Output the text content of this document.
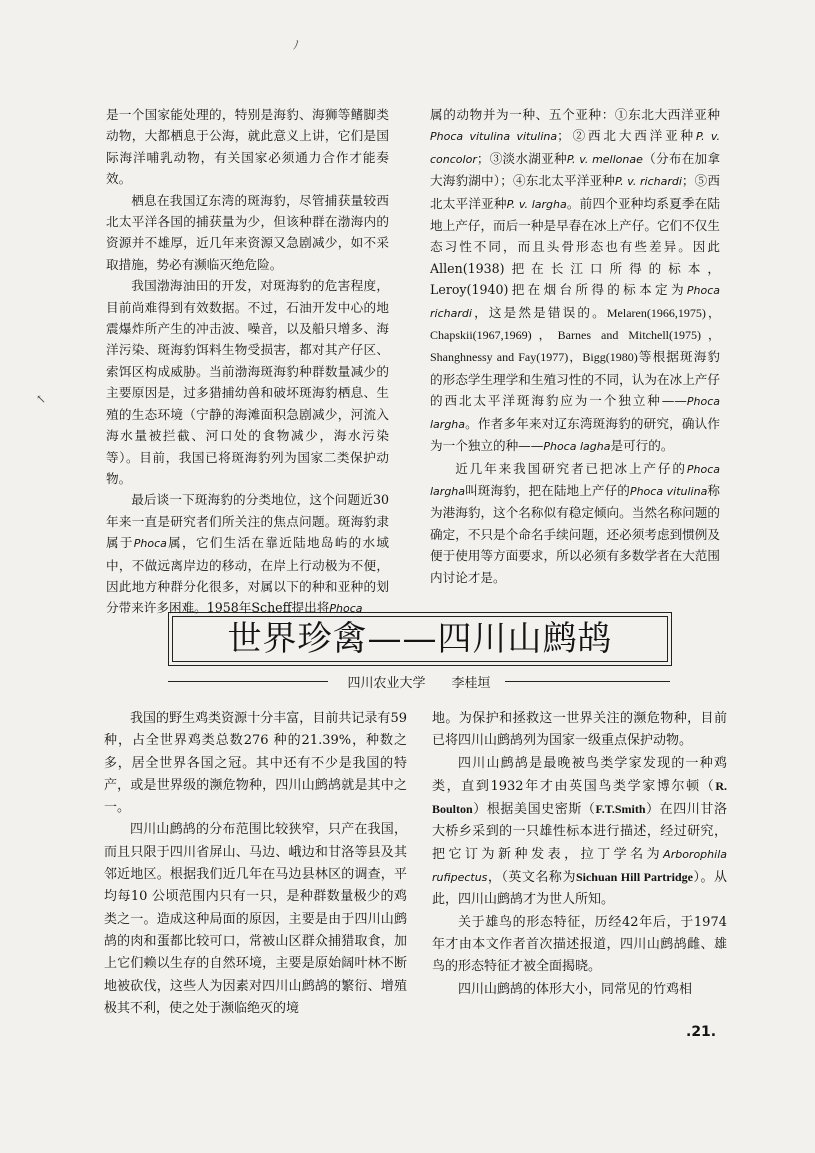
ﾉ
↖

是一个国家能处理的，特别是海豹、海狮等鳍脚类动物，大都栖息于公海，就此意义上讲，它们是国际海洋哺乳动物，有关国家必须通力合作才能奏效。

栖息在我国辽东湾的斑海豹，尽管捕获量较西北太平洋各国的捕获量为少，但该种群在渤海内的资源并不雄厚，近几年来资源又急剧减少，如不采取措施，势必有濒临灭绝危险。

我国渤海油田的开发，对斑海豹的危害程度，目前尚难得到有效数据。不过，石油开发中心的地震爆炸所产生的冲击波、噪音，以及船只增多、海洋污染、斑海豹饵料生物受损害，都对其产仔区、索饵区构成威胁。当前渤海斑海豹种群数量减少的主要原因是，过多猎捕幼兽和破坏斑海豹栖息、生殖的生态环境（宁静的海滩面积急剧减少，河流入海水量被拦截、河口处的食物减少，海水污染等）。目前，我国已将斑海豹列为国家二类保护动物。

最后谈一下斑海豹的分类地位，这个问题近30年来一直是研究者们所关注的焦点问题。斑海豹隶属于Phoca属，它们生活在靠近陆地岛屿的水域中，不做远离岸边的移动，在岸上行动极为不便，因此地方种群分化很多，对属以下的种和亚种的划分带来许多困难。1958年Scheff提出将Phoca

属的动物并为一种、五个亚种：①东北大西洋亚种Phoca vitulina vitulina；②西北大西洋亚种P. v. concolor；③淡水湖亚种P. v. mellonae（分布在加拿大海豹湖中）；④东北太平洋亚种P. v. richardi；⑤西北太平洋亚种P. v. largha。前四个亚种均系夏季在陆地上产仔，而后一种是早春在冰上产仔。它们不仅生态习性不同，而且头骨形态也有些差异。因此Allen(1938)把在长江口所得的标本，Leroy(1940)把在烟台所得的标本定为Phoca richardi，这是然是错误的。Melaren(1966,1975)，Chapskii(1967,1969)，Barnes and Mitchell(1975)，Shanghnessy and Fay(1977)，Bigg(1980)等根据斑海豹的形态学生理学和生殖习性的不同，认为在冰上产仔的西北太平洋斑海豹应为一个独立种——Phoca largha。作者多年来对辽东湾斑海豹的研究，确认作为一个独立的种——Phoca lagha是可行的。

近几年来我国研究者已把冰上产仔的Phoca largha叫斑海豹，把在陆地上产仔的Phoca vitulina称为港海豹，这个名称似有稳定倾向。当然名称问题的确定，不只是个命名手续问题，还必须考虑到惯例及便于使用等方面要求，所以必须有多数学者在大范围内讨论才是。

世界珍禽——四川山鹧鸪
四川农业大学 李桂垣

我国的野生鸡类资源十分丰富，目前共记录有59种，占全世界鸡类总数276 种的21.39%，种数之多，居全世界各国之冠。其中还有不少是我国的特产，或是世界级的濒危物种，四川山鹧鸪就是其中之一。

四川山鹧鸪的分布范围比较狭窄，只产在我国，而且只限于四川省屏山、马边、峨边和甘洛等县及其邻近地区。根据我们近几年在马边县林区的调查，平均每10 公顷范围内只有一只，是种群数量极少的鸡类之一。造成这种局面的原因，主要是由于四川山鹧鸪的肉和蛋都比较可口，常被山区群众捕猎取食，加上它们赖以生存的自然环境，主要是原始阔叶林不断地被砍伐，这些人为因素对四川山鹧鸪的繁衍、增殖极其不利，使之处于濒临绝灭的境

地。为保护和拯救这一世界关注的濒危物种，目前已将四川山鹧鸪列为国家一级重点保护动物。

四川山鹧鸪是最晚被鸟类学家发现的一种鸡类，直到1932年才由英国鸟类学家博尔顿（R. Boulton）根据美国史密斯（F.T.Smith）在四川甘洛大桥乡采到的一只雄性标本进行描述，经过研究，把它订为新种发表，拉丁学名为Arborophila rufipectus，（英文名称为Sichuan Hill Partridge）。从此，四川山鹧鸪才为世人所知。

关于雄鸟的形态特征，历经42年后，于1974年才由本文作者首次描述报道，四川山鹧鸪雌、雄鸟的形态特征才被全面揭晓。

四川山鹧鸪的体形大小，同常见的竹鸡相

.21.
